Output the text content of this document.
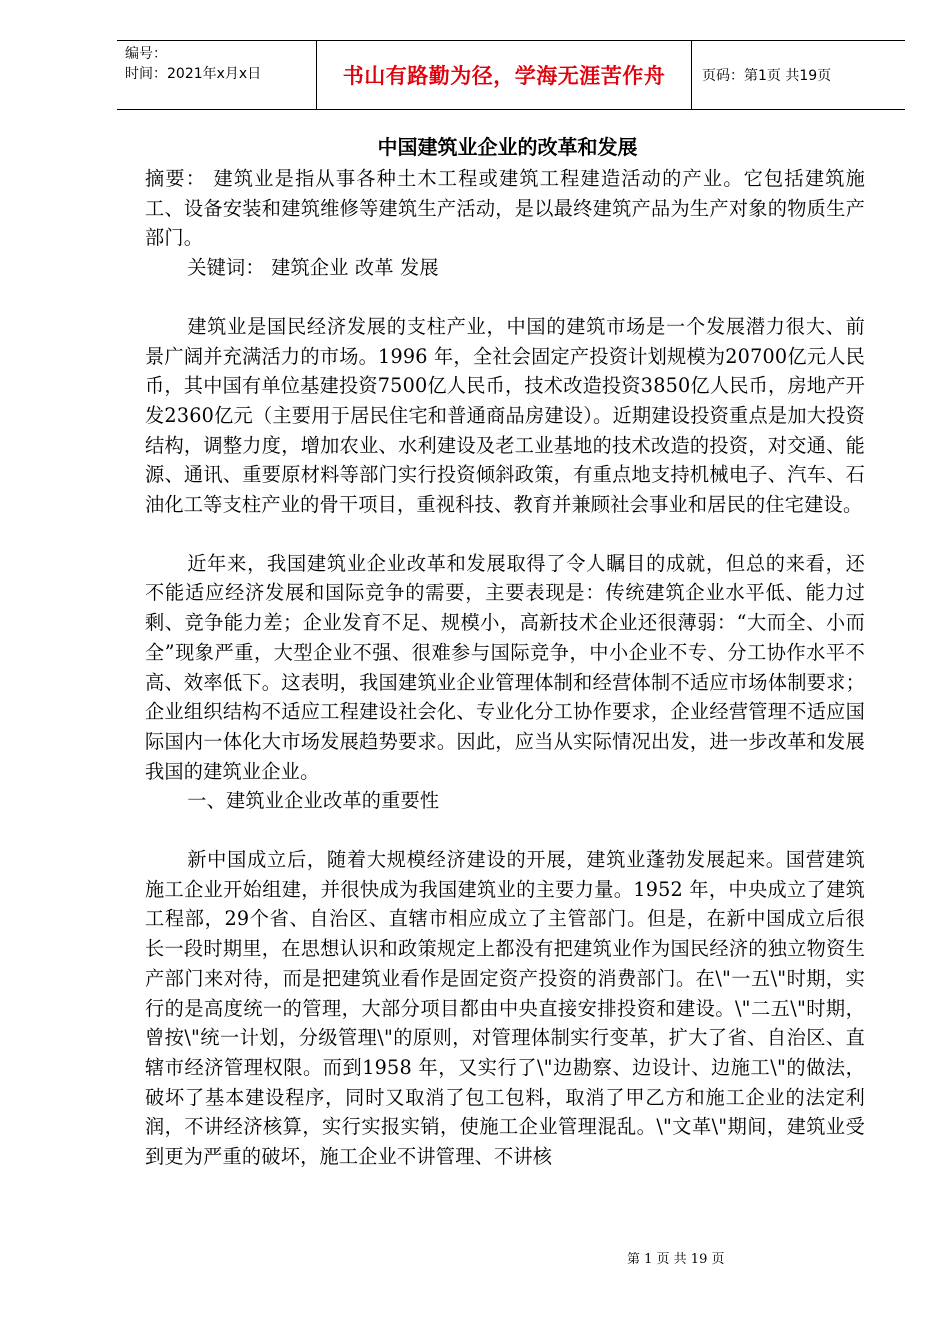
编号：
时间：2021年x月x日	书山有路勤为径，学海无涯苦作舟	页码：第1页 共19页
中国建筑业企业的改革和发展

摘要： 建筑业是指从事各种土木工程或建筑工程建造活动的产业。它包括建筑施工、设备安装和建筑维修等建筑生产活动，是以最终建筑产品为生产对象的物质生产部门。

关键词： 建筑企业 改革 发展

建筑业是国民经济发展的支柱产业，中国的建筑市场是一个发展潜力很大、前景广阔并充满活力的市场。1996 年，全社会固定产投资计划规模为20700亿元人民币，其中国有单位基建投资7500亿人民币，技术改造投资3850亿人民币，房地产开发2360亿元（主要用于居民住宅和普通商品房建设）。近期建设投资重点是加大投资结构，调整力度，增加农业、水利建设及老工业基地的技术改造的投资，对交通、能源、通讯、重要原材料等部门实行投资倾斜政策，有重点地支持机械电子、汽车、石油化工等支柱产业的骨干项目，重视科技、教育并兼顾社会事业和居民的住宅建设。

近年来，我国建筑业企业改革和发展取得了令人瞩目的成就，但总的来看，还不能适应经济发展和国际竞争的需要，主要表现是：传统建筑企业水平低、能力过剩、竞争能力差；企业发育不足、规模小，高新技术企业还很薄弱：“大而全、小而全”现象严重，大型企业不强、很难参与国际竞争，中小企业不专、分工协作水平不高、效率低下。这表明，我国建筑业企业管理体制和经营体制不适应市场体制要求；企业组织结构不适应工程建设社会化、专业化分工协作要求，企业经营管理不适应国际国内一体化大市场发展趋势要求。因此，应当从实际情况出发，进一步改革和发展我国的建筑业企业。

一、建筑业企业改革的重要性

新中国成立后，随着大规模经济建设的开展，建筑业蓬勃发展起来。国营建筑施工企业开始组建，并很快成为我国建筑业的主要力量。1952 年，中央成立了建筑工程部，29个省、自治区、直辖市相应成立了主管部门。但是，在新中国成立后很长一段时期里，在思想认识和政策规定上都没有把建筑业作为国民经济的独立物资生产部门来对待，而是把建筑业看作是固定资产投资的消费部门。在\"一五\"时期，实行的是高度统一的管理，大部分项目都由中央直接安排投资和建设。\"二五\"时期，曾按\"统一计划，分级管理\"的原则，对管理体制实行变革，扩大了省、自治区、直辖市经济管理权限。而到1958 年，又实行了\"边勘察、边设计、边施工\"的做法，破坏了基本建设程序，同时又取消了包工包料，取消了甲乙方和施工企业的法定利润，不讲经济核算，实行实报实销，使施工企业管理混乱。\"文革\"期间，建筑业受到更为严重的破坏，施工企业不讲管理、不讲核

第 1 页 共 19 页
